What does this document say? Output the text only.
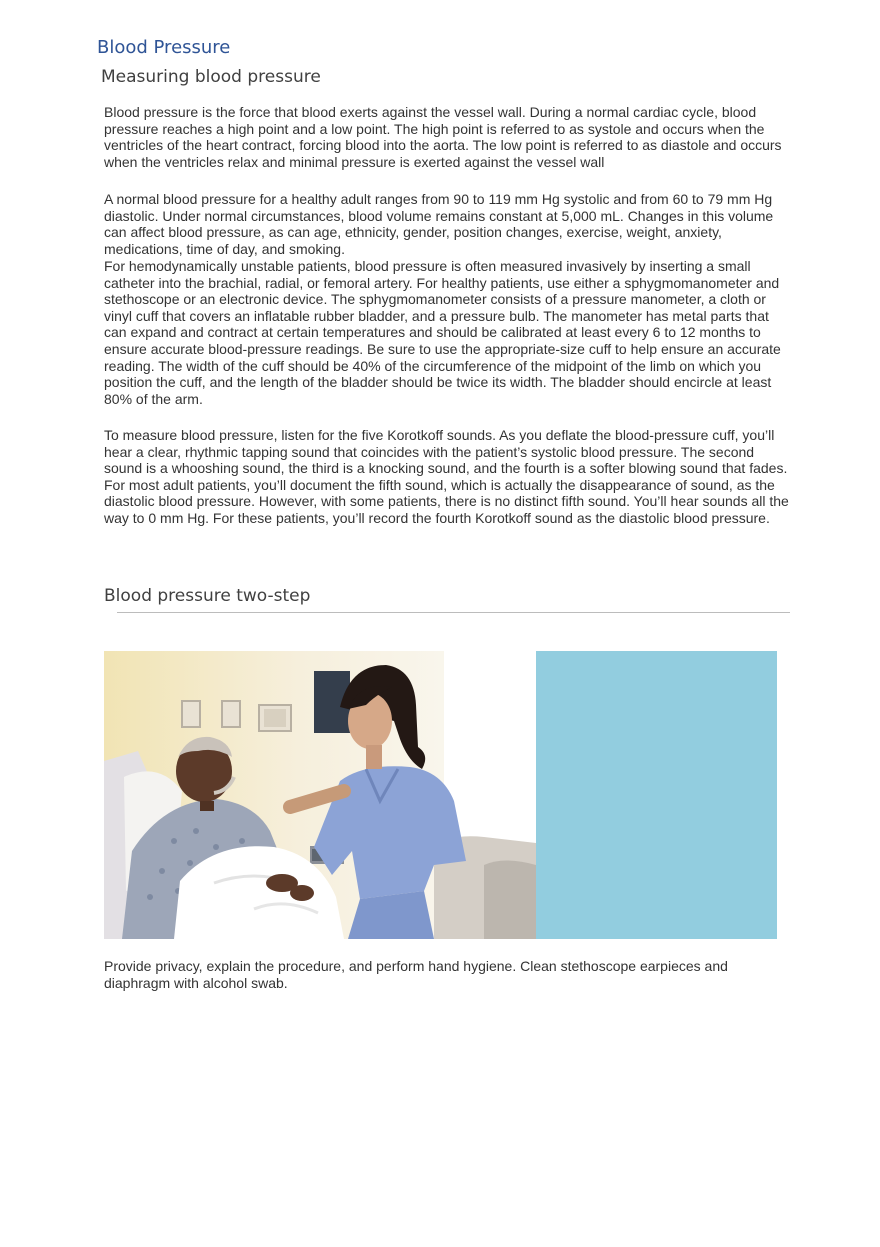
Blood Pressure
Measuring blood pressure

Blood pressure is the force that blood exerts against the vessel wall. During a normal cardiac cycle, blood pressure reaches a high point and a low point. The high point is referred to as systole and occurs when the ventricles of the heart contract, forcing blood into the aorta. The low point is referred to as diastole and occurs when the ventricles relax and minimal pressure is exerted against the vessel wall

A normal blood pressure for a healthy adult ranges from 90 to 119 mm Hg systolic and from 60 to 79 mm Hg diastolic. Under normal circumstances, blood volume remains constant at 5,000 mL. Changes in this volume can affect blood pressure, as can age, ethnicity, gender, position changes, exercise, weight, anxiety, medications, time of day, and smoking.

For hemodynamically unstable patients, blood pressure is often measured invasively by inserting a small catheter into the brachial, radial, or femoral artery. For healthy patients, use either a sphygmomanometer and stethoscope or an electronic device. The sphygmomanometer consists of a pressure manometer, a cloth or vinyl cuff that covers an inflatable rubber bladder, and a pressure bulb. The manometer has metal parts that can expand and contract at certain temperatures and should be calibrated at least every 6 to 12 months to ensure accurate blood-pressure readings. Be sure to use the appropriate-size cuff to help ensure an accurate reading. The width of the cuff should be 40% of the circumference of the midpoint of the limb on which you position the cuff, and the length of the bladder should be twice its width. The bladder should encircle at least 80% of the arm.

To measure blood pressure, listen for the five Korotkoff sounds. As you deflate the blood-pressure cuff, you’ll hear a clear, rhythmic tapping sound that coincides with the patient’s systolic blood pressure. The second sound is a whooshing sound, the third is a knocking sound, and the fourth is a softer blowing sound that fades. For most adult patients, you’ll document the fifth sound, which is actually the disappearance of sound, as the diastolic blood pressure. However, with some patients, there is no distinct fifth sound. You’ll hear sounds all the way to 0 mm Hg. For these patients, you’ll record the fourth Korotkoff sound as the diastolic blood pressure.

Blood pressure two-step

Provide privacy, explain the procedure, and perform hand hygiene. Clean stethoscope earpieces and diaphragm with alcohol swab.
